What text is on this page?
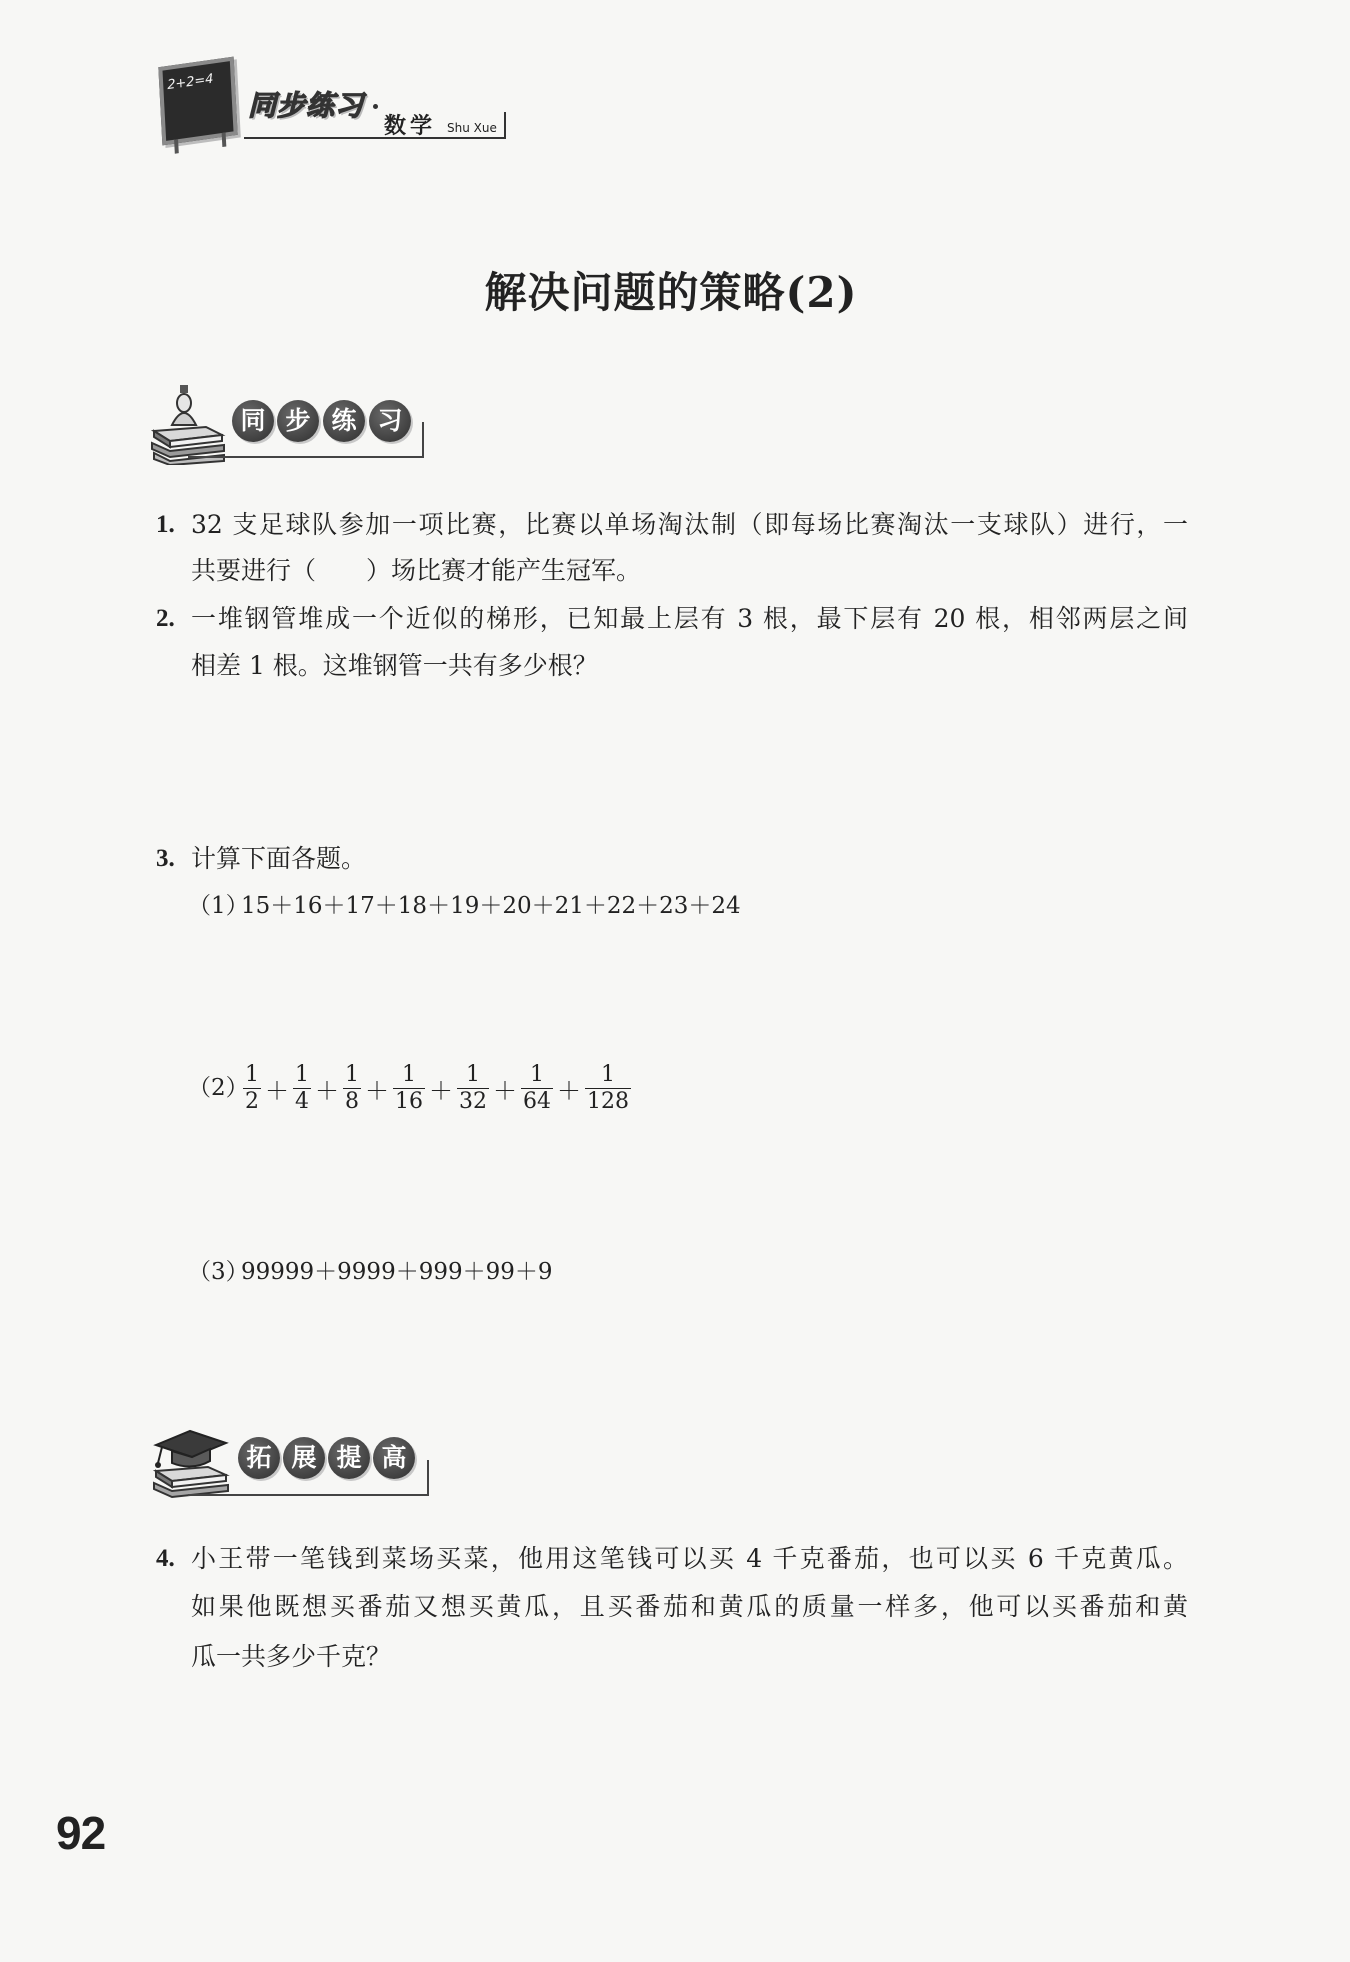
2+2=4
同步练习
数学 Shu Xue
解决问题的策略(2)
同 步 练 习
1. 32 支足球队参加一项比赛，比赛以单场淘汰制（即每场比赛淘汰一支球队）进行，一
共要进行（　　）场比赛才能产生冠军。
2. 一堆钢管堆成一个近似的梯形，已知最上层有 3 根，最下层有 20 根，相邻两层之间
相差 1 根。这堆钢管一共有多少根？
3. 计算下面各题。
（1）
15＋16＋17＋18＋19＋20＋21＋22＋23＋24
（2）
$\frac{1}{2} + \frac{1}{4} + \frac{1}{8} + \frac{1}{16} + \frac{1}{32} + \frac{1}{64} + \frac{1}{128}$
（3）
99999＋9999＋999＋99＋9
拓 展 提 高
4. 小王带一笔钱到菜场买菜，他用这笔钱可以买 4 千克番茄，也可以买 6 千克黄瓜。
如果他既想买番茄又想买黄瓜，且买番茄和黄瓜的质量一样多，他可以买番茄和黄
瓜一共多少千克？
92
